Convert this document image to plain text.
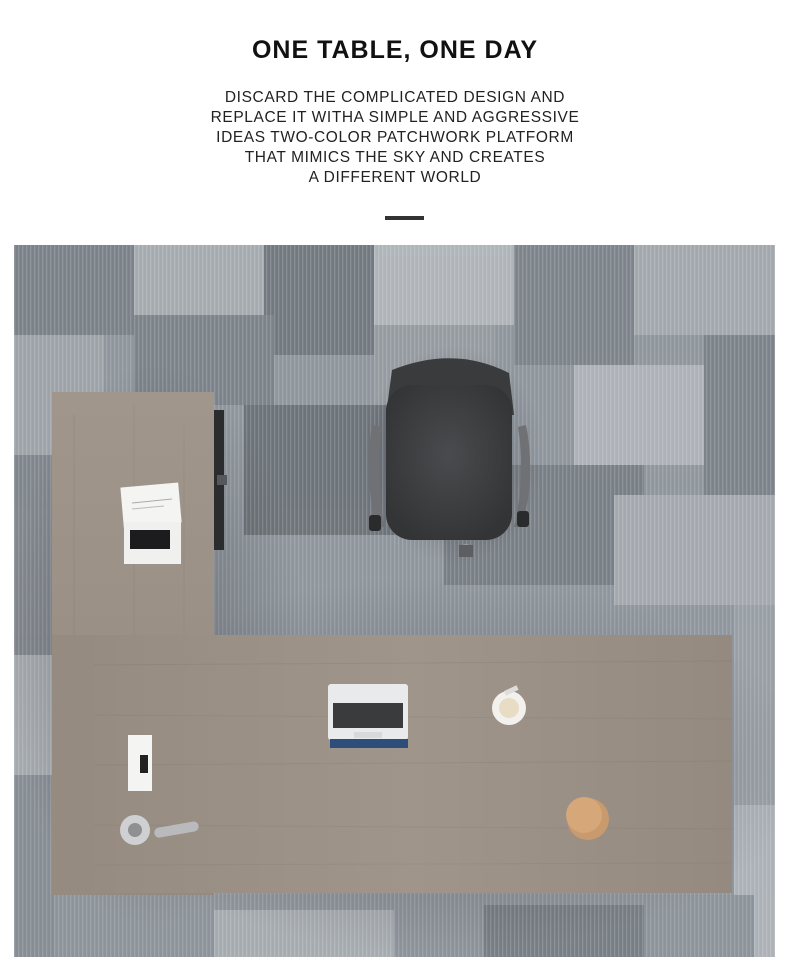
ONE TABLE, ONE DAY
DISCARD THE COMPLICATED DESIGN AND
REPLACE IT WITHA SIMPLE AND AGGRESSIVE
IDEAS TWO-COLOR PATCHWORK PLATFORM
THAT MIMICS THE SKY AND CREATES
A DIFFERENT WORLD
